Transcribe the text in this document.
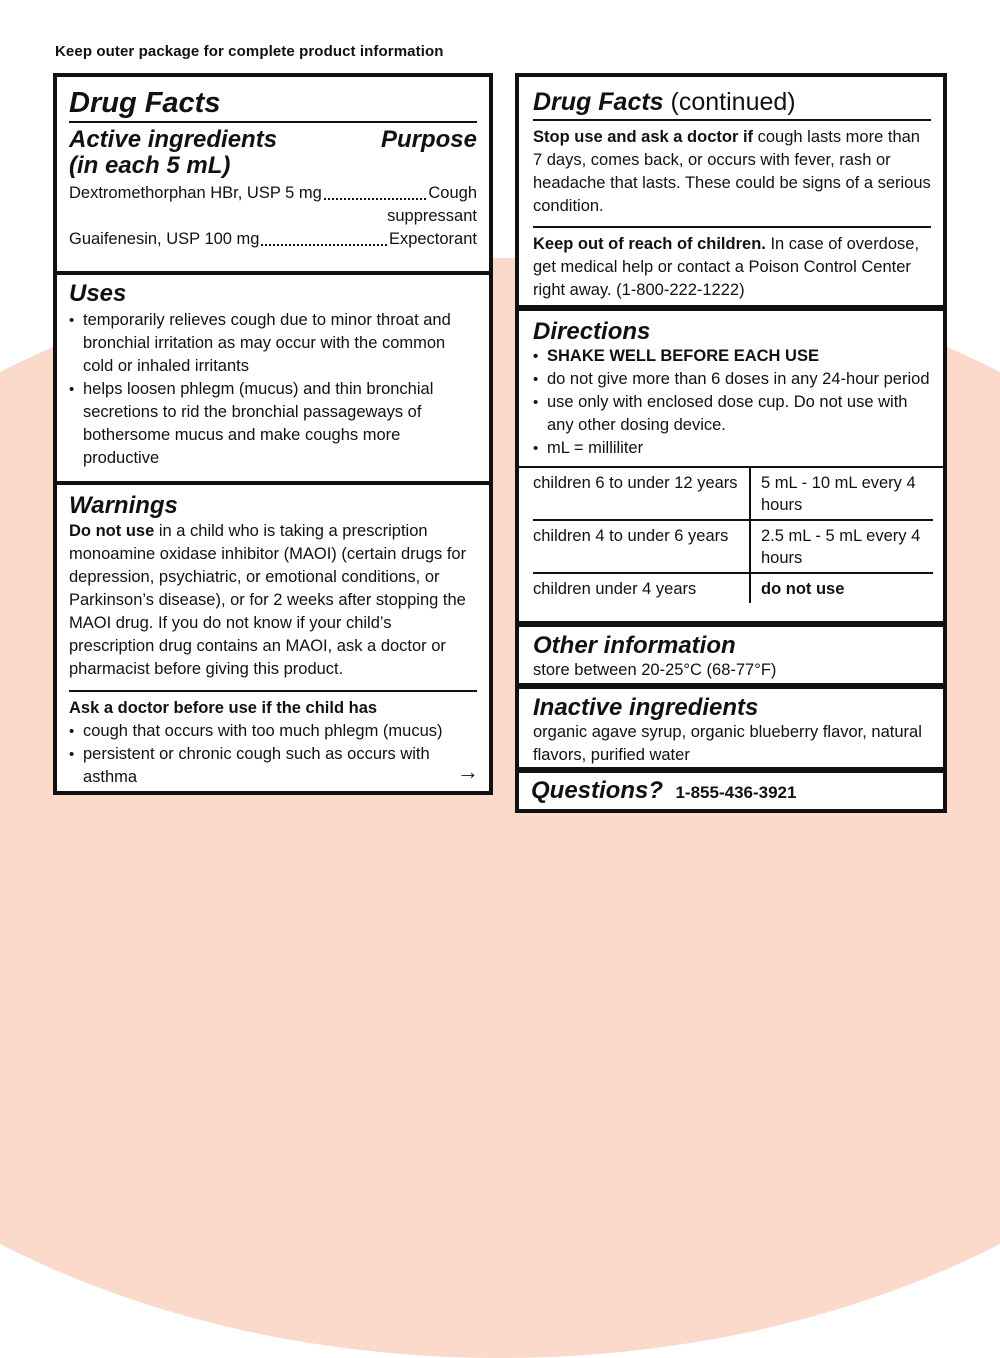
Keep outer package for complete product information
Drug Facts
Active ingredients
(in each 5 mL)
Purpose
Dextromethorphan HBr, USP 5 mg	Cough
suppressant
Guaifenesin, USP 100 mg	Expectorant
Uses
• temporarily relieves cough due to minor throat and bronchial irritation as may occur with the common cold or inhaled irritants
• helps loosen phlegm (mucus) and thin bronchial secretions to rid the bronchial passageways of bothersome mucus and make coughs more productive
Warnings
Do not use in a child who is taking a prescription monoamine oxidase inhibitor (MAOI) (certain drugs for depression, psychiatric, or emotional conditions, or Parkinson’s disease), or for 2 weeks after stopping the MAOI drug. If you do not know if your child’s prescription drug contains an MAOI, ask a doctor or pharmacist before giving this product.
Ask a doctor before use if the child has
• cough that occurs with too much phlegm (mucus)
• persistent or chronic cough such as occurs with asthma	→
Drug Facts (continued)
Stop use and ask a doctor if cough lasts more than 7 days, comes back, or occurs with fever, rash or headache that lasts. These could be signs of a serious condition.
Keep out of reach of children. In case of overdose, get medical help or contact a Poison Control Center right away. (1-800-222-1222)
Directions
• SHAKE WELL BEFORE EACH USE
• do not give more than 6 doses in any 24-hour period
• use only with enclosed dose cup. Do not use with any other dosing device.
• mL = milliliter
children 6 to under 12 years	5 mL - 10 mL every 4 hours
children 4 to under 6 years	2.5 mL - 5 mL every 4 hours
children under 4 years	do not use
Other information
store between 20-25°C (68-77°F)
Inactive ingredients
organic agave syrup, organic blueberry flavor, natural flavors, purified water
Questions? 1-855-436-3921
